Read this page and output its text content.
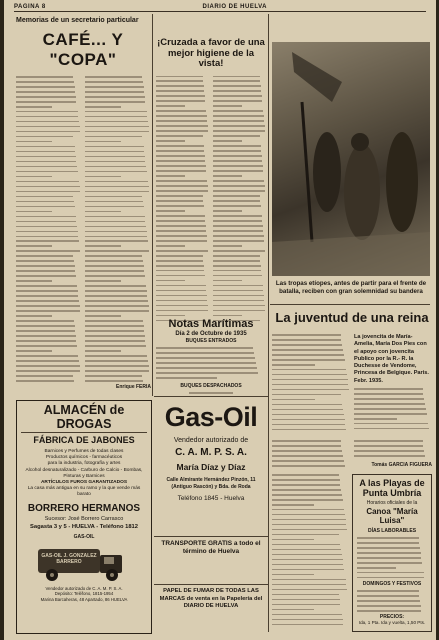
PAGINA 8	DIARIO DE HUELVA

Memorias de un secretario particular
CAFÉ... Y "COPA"
Enrique FERIA
¡Cruzada a favor de una mejor higiene de la vista!
Las tropas etíopes, antes de partir para el frente de batalla, reciben con gran solemnidad su bandera
La juventud de una reina
La jovencita de María-Amelia, María Dos Pies con el apoyo con jovencita Publico por la R.- R. la Duchesse de Vendome, Princesa de Belgique. Paris. Febr. 1935.
Notas Marítimas
Día 2 de Octubre de 1935
BUQUES ENTRADOS
BUQUES DESPACHADOS
Gas-Oil
Vendedor autorizado de
C. A. M. P. S. A.
María Díaz y Díaz
Calle Almirante Hernández Pinzón, 11
(Antiguo Rascón) y Bda. de Roda
Teléfono 1845 - Huelva
TRANSPORTE GRATIS a todo el término de Huelva
PAPEL DE FUMAR DE TODAS LAS MARCAS de venta en la Papelería del DIARIO DE HUELVA
Tomás GARCIA FIGUERA
A las Playas de Punta Umbría
Horarios oficiales de la
Canoa "María Luisa"
DÍAS LABORABLES
DOMINGOS Y FESTIVOS
PRECIOS:
Ida, 1 Pta. Ida y vuelta, 1,50 Pts.
ALMACÉN de DROGAS
FÁBRICA DE JABONES
Barnices y Perfumes de todas clases
Productos químicos - farmacéuticos
para la industria, fotografía y artes
Alcohol desnaturalizado - Carburo de Calcio - Bombas, Pinturas y Barnices
ARTÍCULOS FUROS GARANTIZADOS
La casa más antigua en su ramo y la que vende más barato
BORRERO HERMANOS
Sucesor: José Borrero Carrasco
Sagasta 3 y 5 - HUELVA - Teléfono 1812
GAS-OIL
GAS-OIL J. GONZALEZ BARRERO
Vendedor autorizado de C. A. M. P. S. A.
Depósito: Teléfono, 1815-1954
Marina Barcaheras, 48 Apartado, 86 HUELVA
